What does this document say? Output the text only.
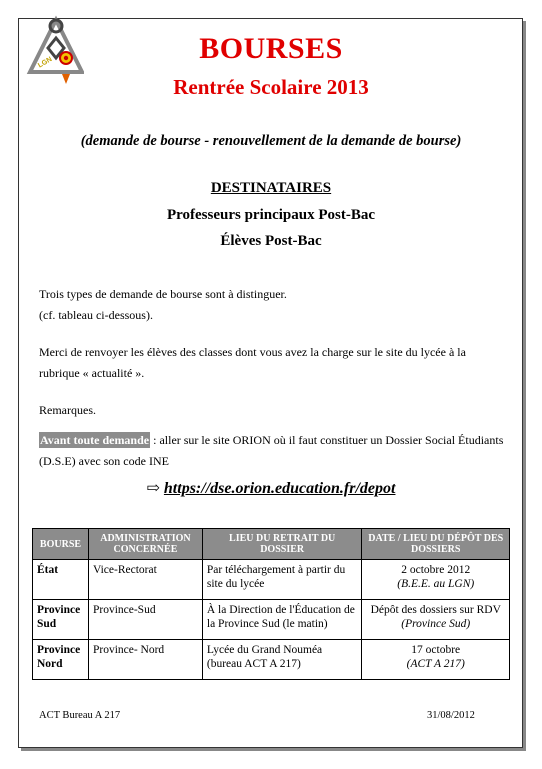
LGN	BOURSES
Rentrée Scolaire 2013
(demande de bourse - renouvellement de la demande de bourse)
DESTINATAIRES
Professeurs principaux Post-Bac
Élèves Post-Bac
Trois types de demande de bourse sont à distinguer.
(cf. tableau ci-dessous).
Merci de renvoyer les élèves des classes dont vous avez la charge sur le site du lycée à la rubrique « actualité ».
Remarques.
Avant toute demande : aller sur le site ORION où il faut constituer un Dossier Social Étudiants (D.S.E) avec son code INE
⇨ https://dse.orion.education.fr/depot
BOURSE	ADMINISTRATION CONCERNÉE	LIEU DU RETRAIT DU DOSSIER	DATE / LIEU DU DÉPÔT DES DOSSIERS
État	Vice-Rectorat	Par téléchargement à partir du site du lycée	2 octobre 2012
(B.E.E. au LGN)

Province Sud	Province-Sud	À la Direction de l'Éducation de la Province Sud (le matin)	Dépôt des dossiers sur RDV
(Province Sud)

Province Nord	Province- Nord	Lycée du Grand Nouméa (bureau ACT A 217)	17 octobre
(ACT A 217)
ACT Bureau A 217	31/08/2012
